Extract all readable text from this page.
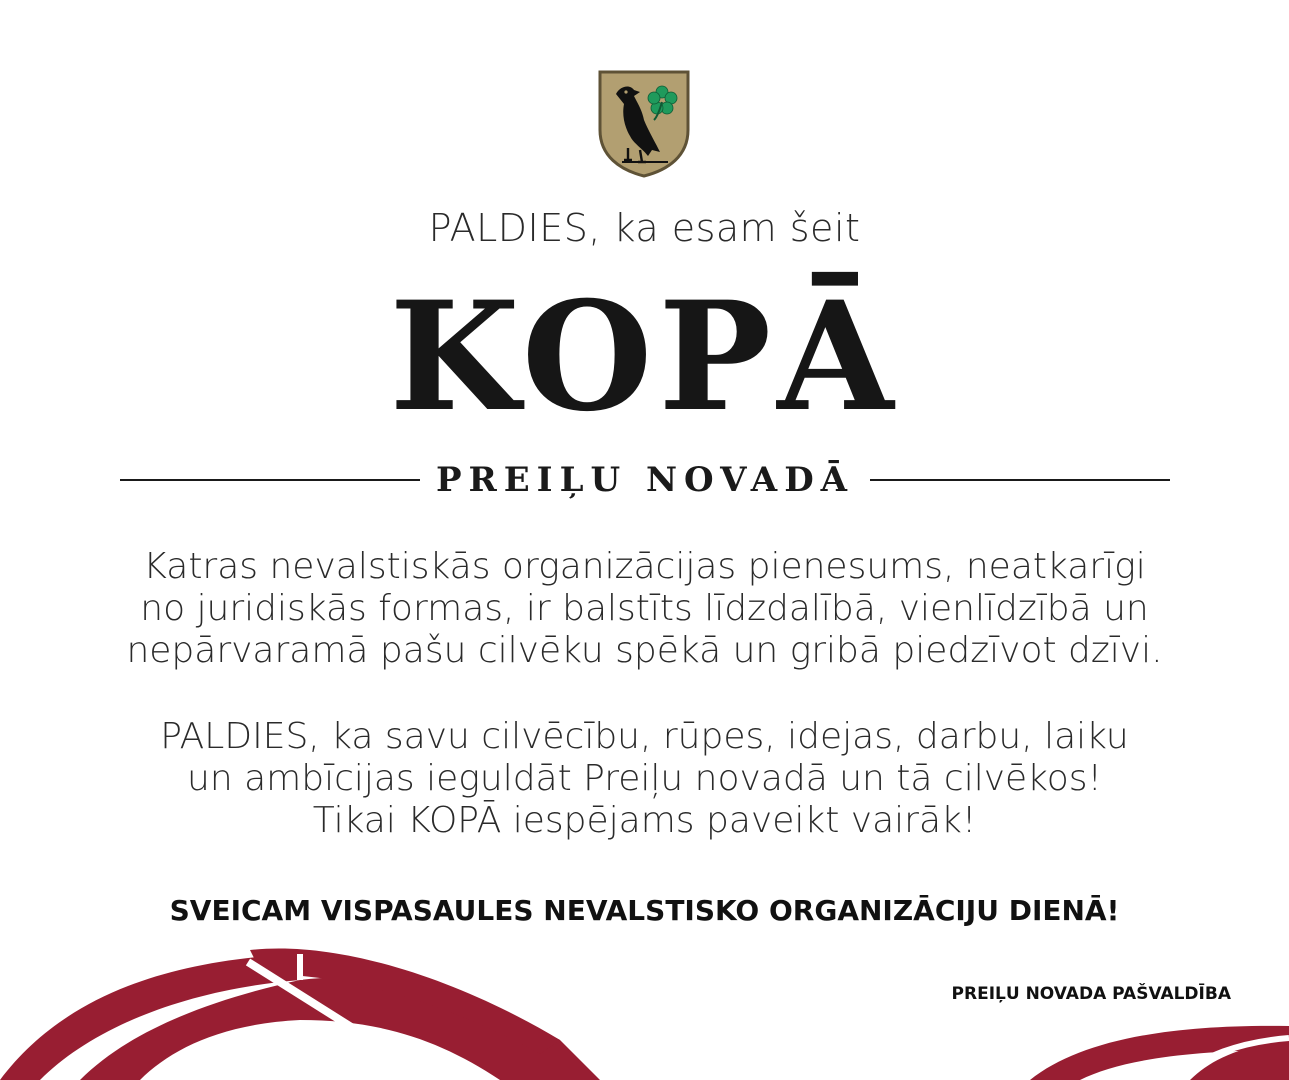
PALDIES, ka esam šeit

KOPĀ
PREIĻU NOVADĀ

Katras nevalstiskās organizācijas pienesums, neatkarīgi
no juridiskās formas, ir balstīts līdzdalībā, vienlīdzībā un
nepārvaramā pašu cilvēku spēkā un gribā piedzīvot dzīvi.

PALDIES, ka savu cilvēcību, rūpes, idejas, darbu, laiku
un ambīcijas ieguldāt Preiļu novadā un tā cilvēkos!
Tikai KOPĀ iespējams paveikt vairāk!

SVEICAM VISPASAULES NEVALSTISKO ORGANIZĀCIJU DIENĀ!

PREIĻU NOVADA PAŠVALDĪBA
